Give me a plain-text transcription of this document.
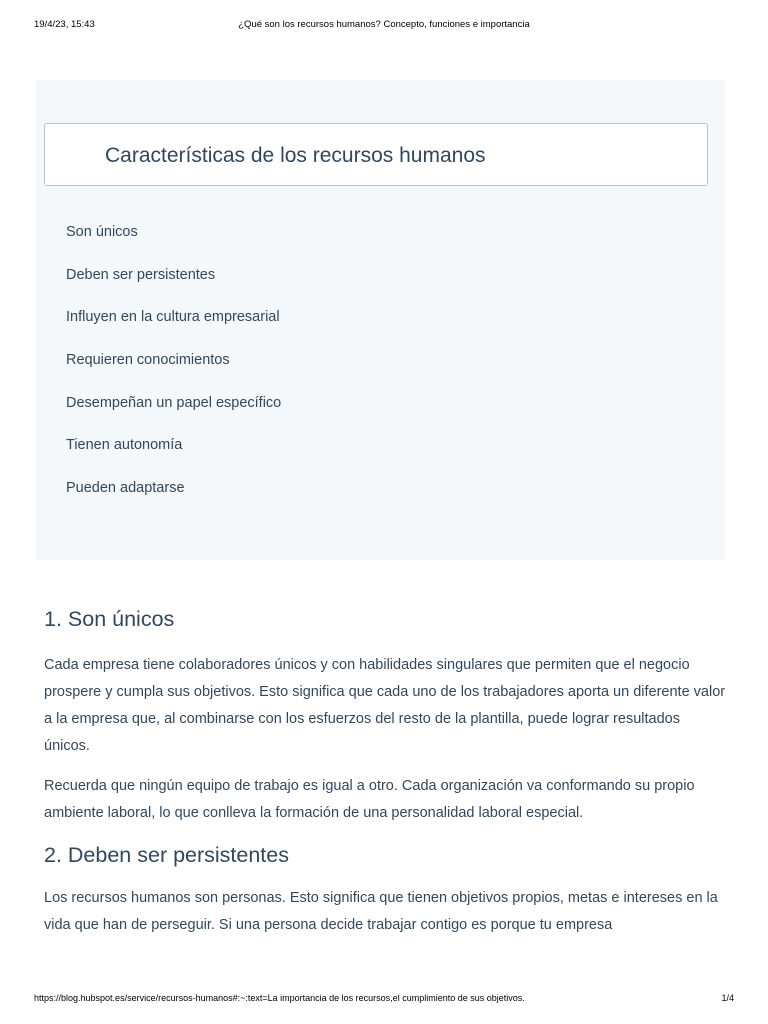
19/4/23, 15:43	¿Qué son los recursos humanos? Concepto, funciones e importancia
Características de los recursos humanos
Son únicos
Deben ser persistentes
Influyen en la cultura empresarial
Requieren conocimientos
Desempeñan un papel específico
Tienen autonomía
Pueden adaptarse
1. Son únicos

Cada empresa tiene colaboradores únicos y con habilidades singulares que permiten que el negocio prospere y cumpla sus objetivos. Esto significa que cada uno de los trabajadores aporta un diferente valor a la empresa que, al combinarse con los esfuerzos del resto de la plantilla, puede lograr resultados únicos.

Recuerda que ningún equipo de trabajo es igual a otro. Cada organización va conformando su propio ambiente laboral, lo que conlleva la formación de una personalidad laboral especial.

2. Deben ser persistentes

Los recursos humanos son personas. Esto significa que tienen objetivos propios, metas e intereses en la vida que han de perseguir. Si una persona decide trabajar contigo es porque tu empresa

https://blog.hubspot.es/service/recursos-humanos#:~:text=La importancia de los recursos,el cumplimiento de sus objetivos.	1/4
